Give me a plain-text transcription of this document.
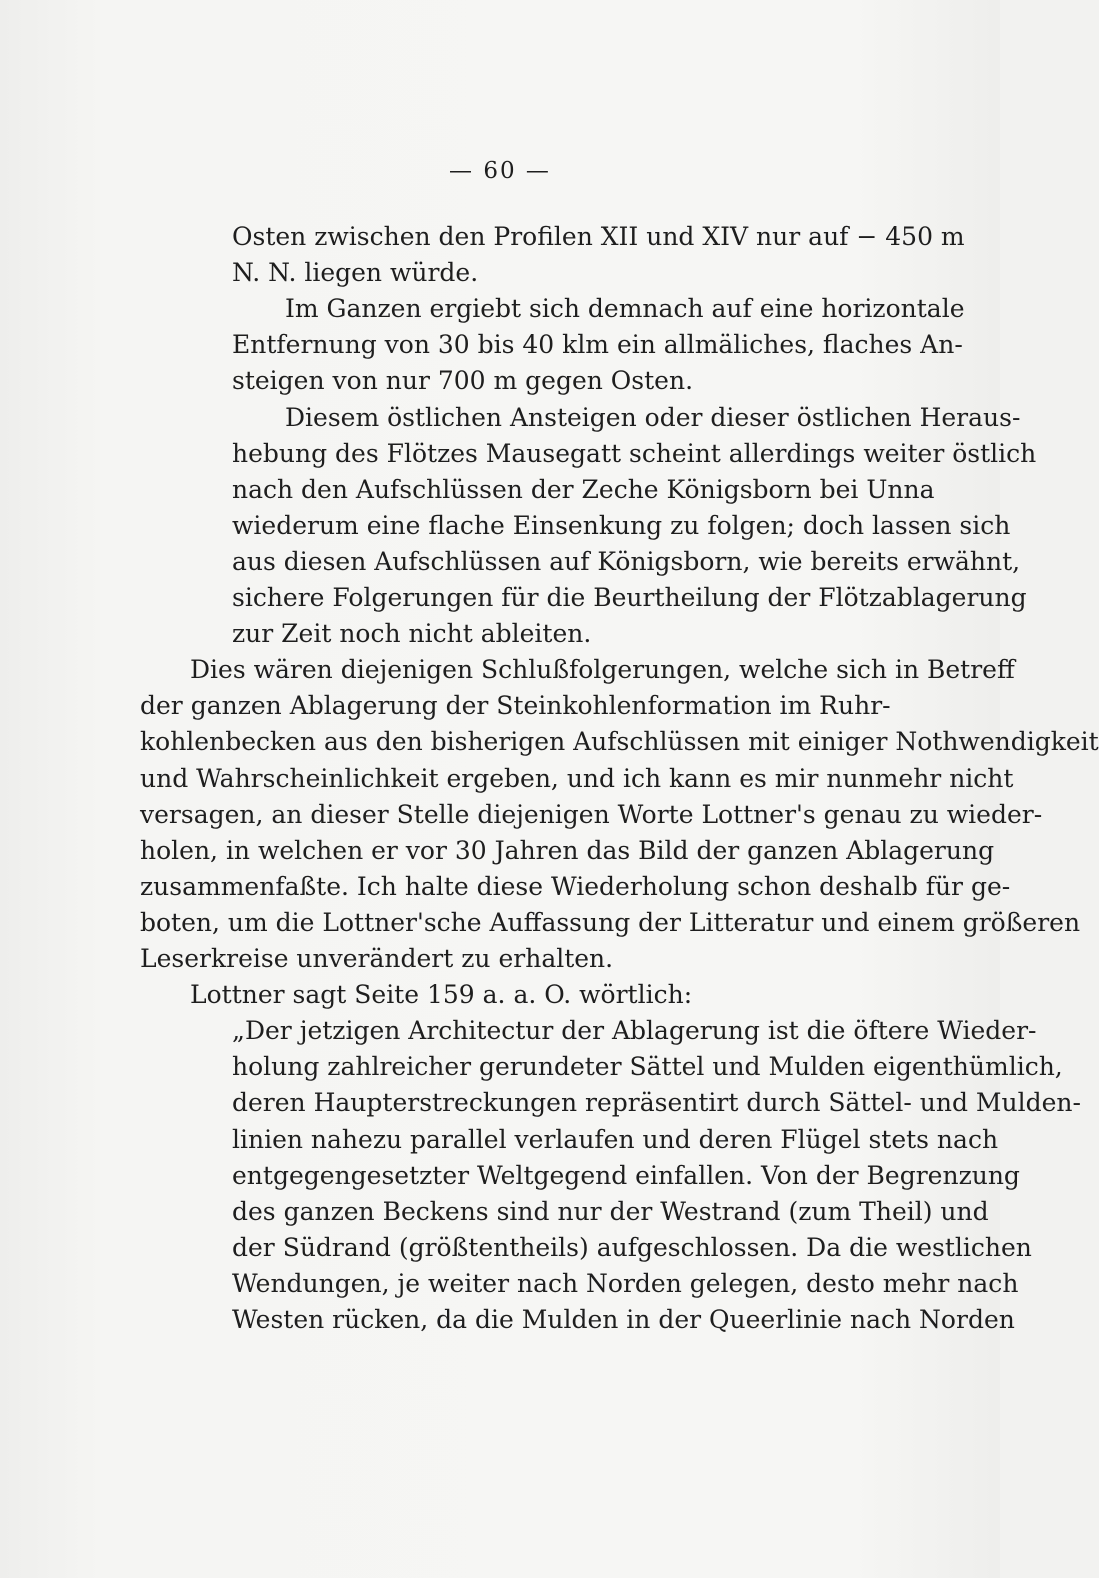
— 60 —
Osten zwischen den Profilen XII und XIV nur auf − 450 m
N. N. liegen würde.
Im Ganzen ergiebt sich demnach auf eine horizontale
Entfernung von 30 bis 40 klm ein allmäliches, flaches An-
steigen von nur 700 m gegen Osten.
Diesem östlichen Ansteigen oder dieser östlichen Heraus-
hebung des Flötzes Mausegatt scheint allerdings weiter östlich
nach den Aufschlüssen der Zeche Königsborn bei Unna
wiederum eine flache Einsenkung zu folgen; doch lassen sich
aus diesen Aufschlüssen auf Königsborn, wie bereits erwähnt,
sichere Folgerungen für die Beurtheilung der Flötzablagerung
zur Zeit noch nicht ableiten.
Dies wären diejenigen Schlußfolgerungen, welche sich in Betreff
der ganzen Ablagerung der Steinkohlenformation im Ruhr-
kohlenbecken aus den bisherigen Aufschlüssen mit einiger Nothwendigkeit
und Wahrscheinlichkeit ergeben, und ich kann es mir nunmehr nicht
versagen, an dieser Stelle diejenigen Worte Lottner's genau zu wieder-
holen, in welchen er vor 30 Jahren das Bild der ganzen Ablagerung
zusammenfaßte. Ich halte diese Wiederholung schon deshalb für ge-
boten, um die Lottner'sche Auffassung der Litteratur und einem größeren
Leserkreise unverändert zu erhalten.
Lottner sagt Seite 159 a. a. O. wörtlich:
„Der jetzigen Architectur der Ablagerung ist die öftere Wieder-
holung zahlreicher gerundeter Sättel und Mulden eigenthümlich,
deren Haupterstreckungen repräsentirt durch Sättel- und Mulden-
linien nahezu parallel verlaufen und deren Flügel stets nach
entgegengesetzter Weltgegend einfallen. Von der Begrenzung
des ganzen Beckens sind nur der Westrand (zum Theil) und
der Südrand (größtentheils) aufgeschlossen. Da die westlichen
Wendungen, je weiter nach Norden gelegen, desto mehr nach
Westen rücken, da die Mulden in der Queerlinie nach Norden
